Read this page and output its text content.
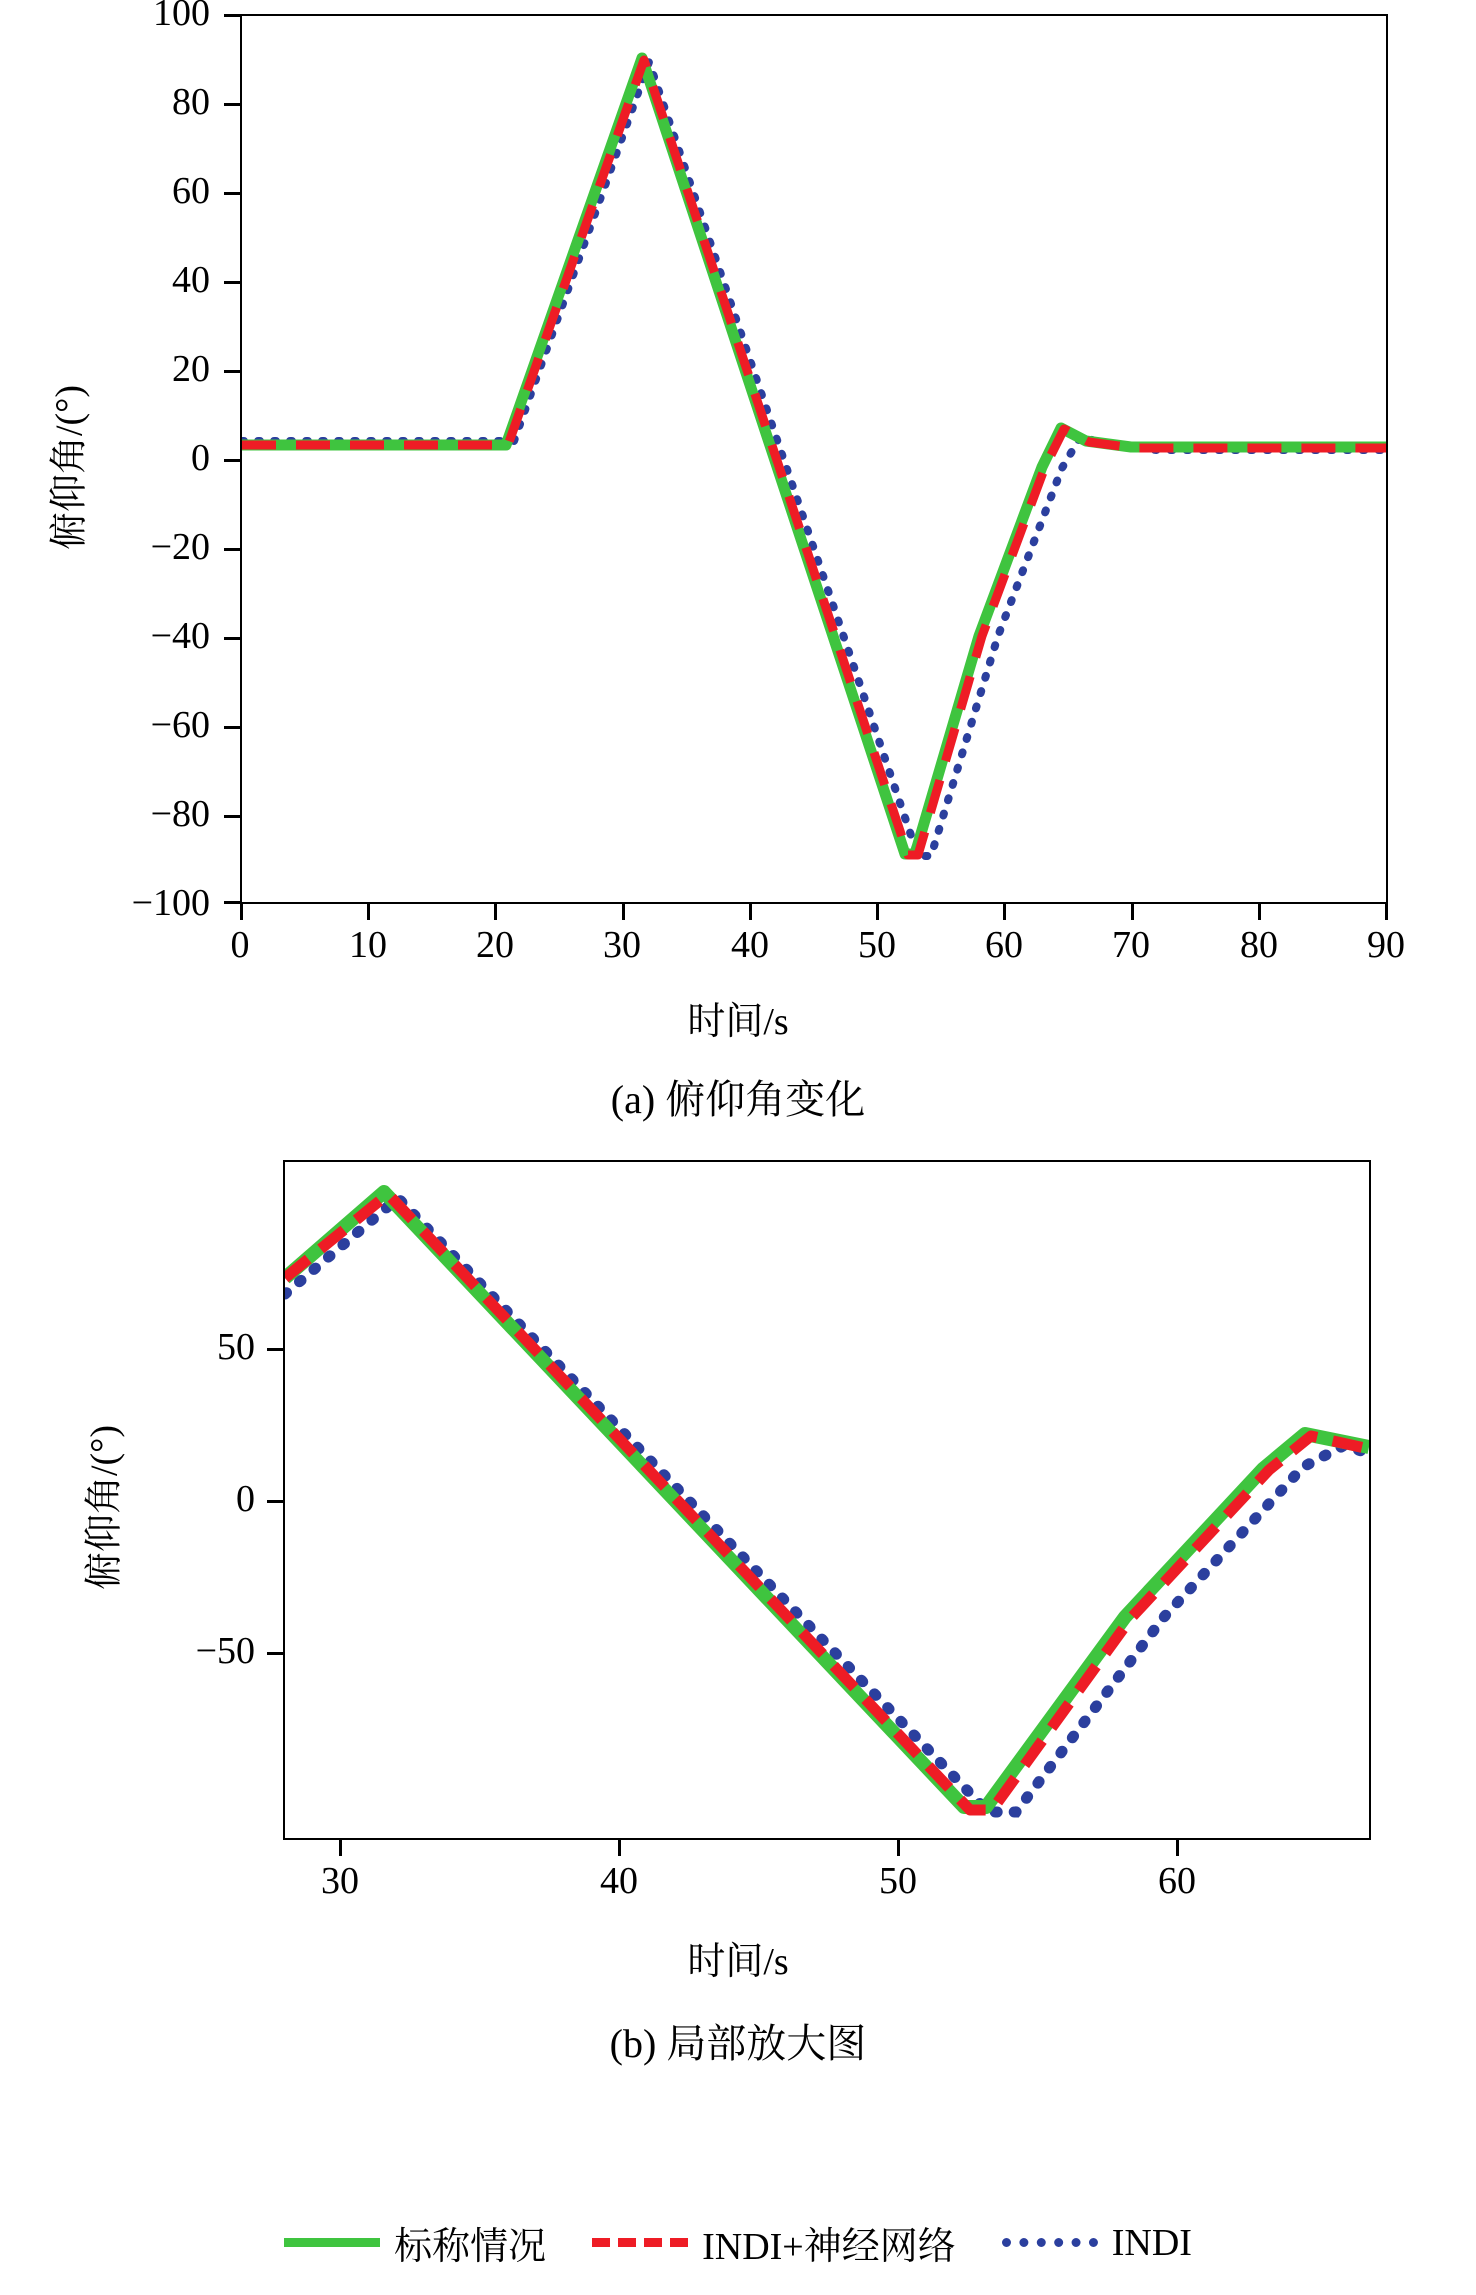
100
80
60
40
20
0
−20
−40
−60
−80
−100
0	10	20	30	40	50	60	70	80	90
俯仰角/(°)
时间/s
(a) 俯仰角变化
50
0
−50
30	40	50	60
俯仰角/(°)
时间/s
(b) 局部放大图
标称情况	INDI+神经网络	INDI
